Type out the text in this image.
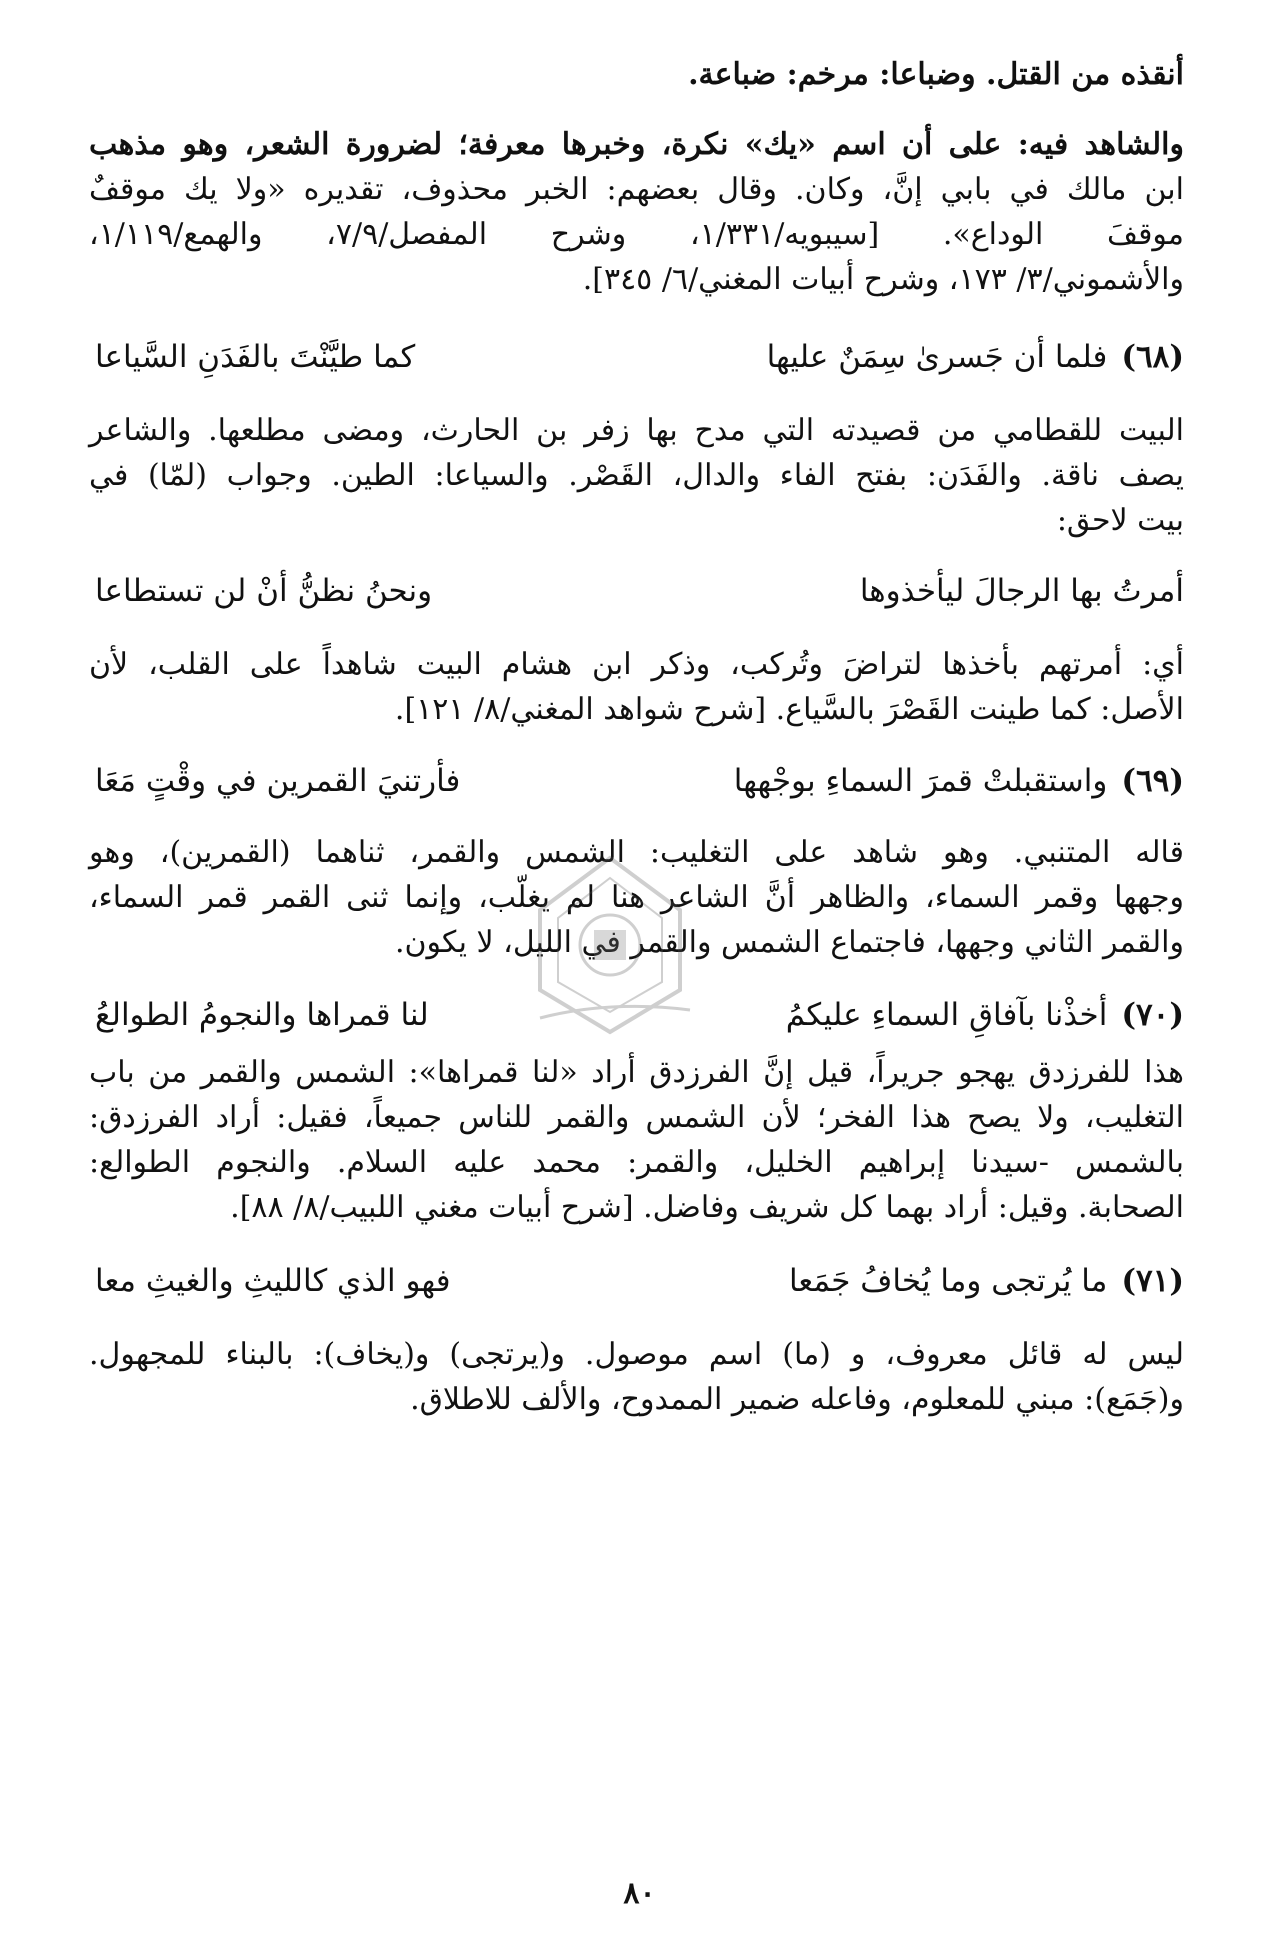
أنقذه من القتل. وضباعا: مرخم: ضباعة.
والشاهد فيه: على أن اسم «يك» نكرة، وخبرها معرفة؛ لضرورة الشعر، وهو مذهب
ابن مالك في بابي إنَّ، وكان. وقال بعضهم: الخبر محذوف، تقديره «ولا يك موقفٌ
موقفَ الوداع». [سيبويه/١/٣٣١، وشرح المفصل/٧/٩، والهمع/١/١١٩،
والأشموني/٣/ ١٧٣، وشرح أبيات المغني/٦/ ٣٤٥].
(٦٨)
فلما أن جَسرىٰ سِمَنٌ عليها
كما طيَّنْتَ بالفَدَنِ السَّياعا
البيت للقطامي من قصيدته التي مدح بها زفر بن الحارث، ومضى مطلعها. والشاعر
يصف ناقة. والفَدَن: بفتح الفاء والدال، القَصْر. والسياعا: الطين. وجواب (لمّا) في
بيت لاحق:
أمرتُ بها الرجالَ ليأخذوها
ونحنُ نظنُّ أنْ لن تستطاعا
أي: أمرتهم بأخذها لتراضَ وتُركب، وذكر ابن هشام البيت شاهداً على القلب، لأن
الأصل: كما طينت القَصْرَ بالسَّياع. [شرح شواهد المغني/٨/ ١٢١].
(٦٩)
واستقبلتْ قمرَ السماءِ بوجْهها
فأرتنيَ القمرين في وقْتٍ مَعَا
قاله المتنبي. وهو شاهد على التغليب: الشمس والقمر، ثناهما (القمرين)، وهو
وجهها وقمر السماء، والظاهر أنَّ الشاعر هنا لم يغلّب، وإنما ثنى القمر قمر السماء،
والقمر الثاني وجهها، فاجتماع الشمس والقمر في الليل، لا يكون.
(٧٠)
أخذْنا بآفاقِ السماءِ عليكمُ
لنا قمراها والنجومُ الطوالعُ
هذا للفرزدق يهجو جريراً، قيل إنَّ الفرزدق أراد «لنا قمراها»: الشمس والقمر من باب
التغليب، ولا يصح هذا الفخر؛ لأن الشمس والقمر للناس جميعاً، فقيل: أراد الفرزدق:
بالشمس -سيدنا إبراهيم الخليل، والقمر: محمد عليه السلام. والنجوم الطوالع:
الصحابة. وقيل: أراد بهما كل شريف وفاضل. [شرح أبيات مغني اللبيب/٨/ ٨٨].
(٧١)
ما يُرتجى وما يُخافُ جَمَعا
فهو الذي كالليثِ والغيثِ معا
ليس له قائل معروف، و (ما) اسم موصول. و(يرتجى) و(يخاف): بالبناء للمجهول.
و(جَمَع): مبني للمعلوم، وفاعله ضمير الممدوح، والألف للاطلاق.
٨٠
